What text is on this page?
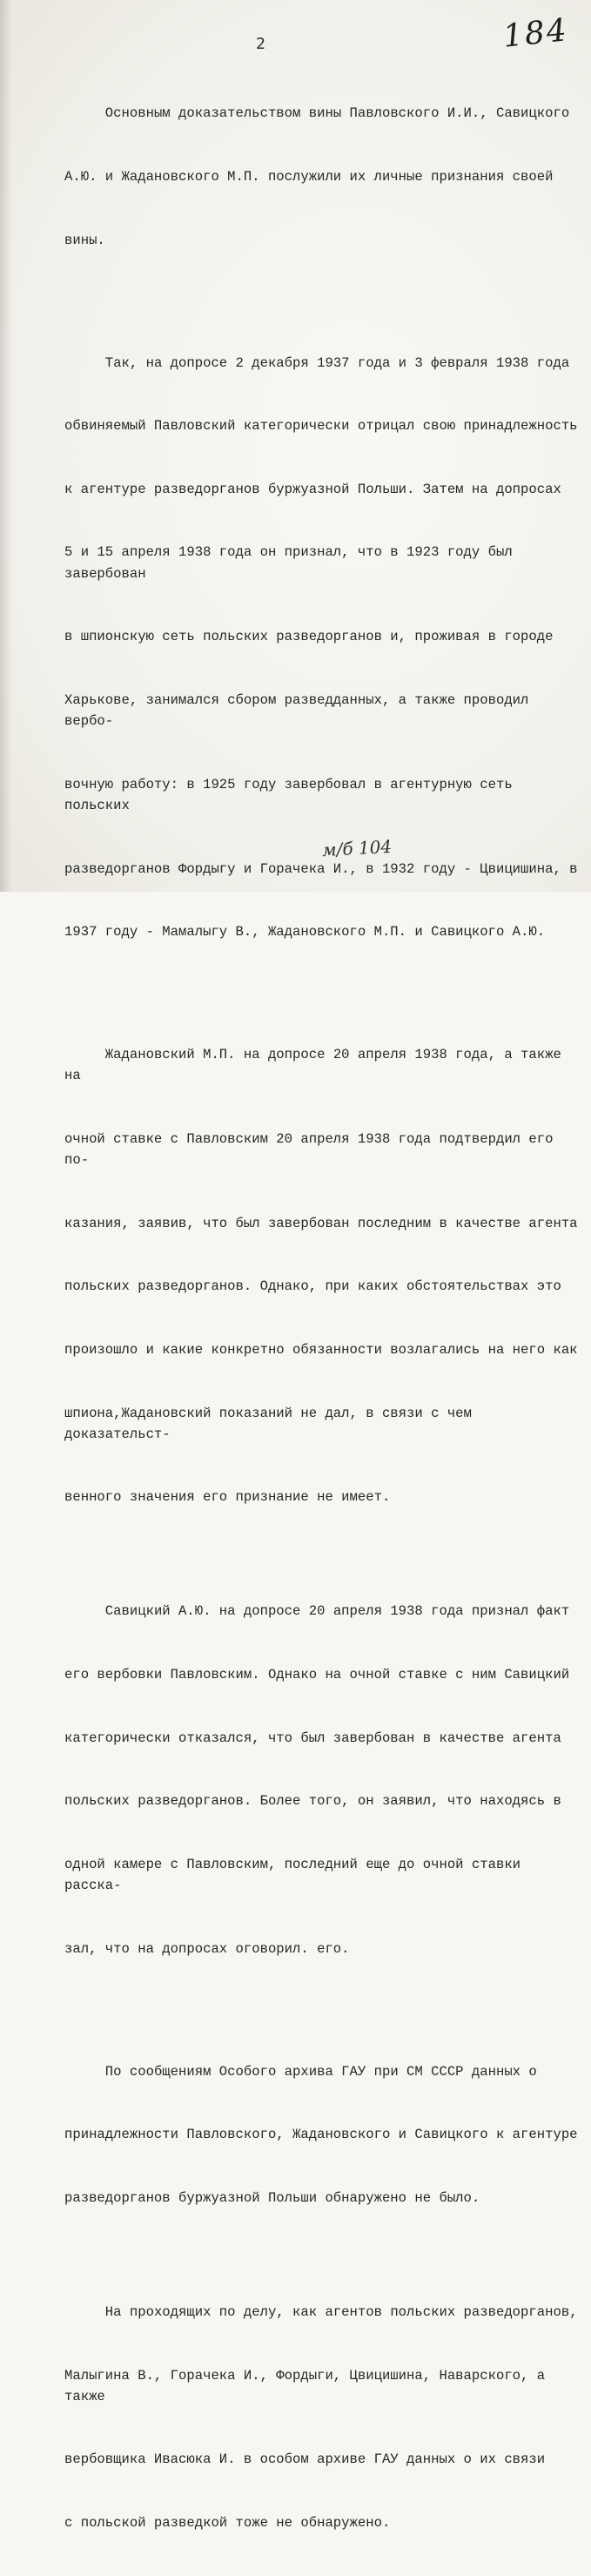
184
2

Основным доказательством вины Павловского И.И., Савицкого

А.Ю. и Жадановского М.П. послужили их личные признания своей

вины.

Так, на допросе 2 декабря 1937 года и 3 февраля 1938 года

обвиняемый Павловский категорически отрицал свою принадлежность

к агентуре разведорганов буржуазной Польши. Затем на допросах

5 и 15 апреля 1938 года он признал, что в 1923 году был завербован

в шпионскую сеть польских разведорганов и, проживая в городе

Харькове, занимался сбором разведданных, а также проводил вербо-

вочную работу: в 1925 году завербовал в агентурную сеть польских

разведорганов Фордыгу и Горачека И., в 1932 году - Цвицишина, в

1937 году - Мамалыгу В., Жадановского М.П. и Савицкого А.Ю.

Жадановский М.П. на допросе 20 апреля 1938 года, а также на

очной ставке с Павловским 20 апреля 1938 года подтвердил его по-

казания, заявив, что был завербован последним в качестве агента

польских разведорганов. Однако, при каких обстоятельствах это

произошло и какие конкретно обязанности возлагались на него как

шпиона,Жадановский показаний не дал, в связи с чем доказательст-

венного значения его признание не имеет.

Савицкий А.Ю. на допросе 20 апреля 1938 года признал факт

его вербовки Павловским. Однако на очной ставке с ним Савицкий

категорически отказался, что был завербован в качестве агента

польских разведорганов. Более того, он заявил, что находясь в

одной камере с Павловским, последний еще до очной ставки расска-

зал, что на допросах оговорил. его.

По сообщениям Особого архива ГАУ при СМ СССР данных о

принадлежности Павловского, Жадановского и Савицкого к агентуре

разведорганов буржуазной Польши обнаружено не было.

На проходящих по делу, как агентов польских разведорганов,

Малыгина В., Горачека И., Фордыги, Цвицишина, Наварского, а также

вербовщика Ивасюка И. в особом архиве ГАУ данных о их связи

с польской разведкой тоже не обнаружено.

м/б 104
